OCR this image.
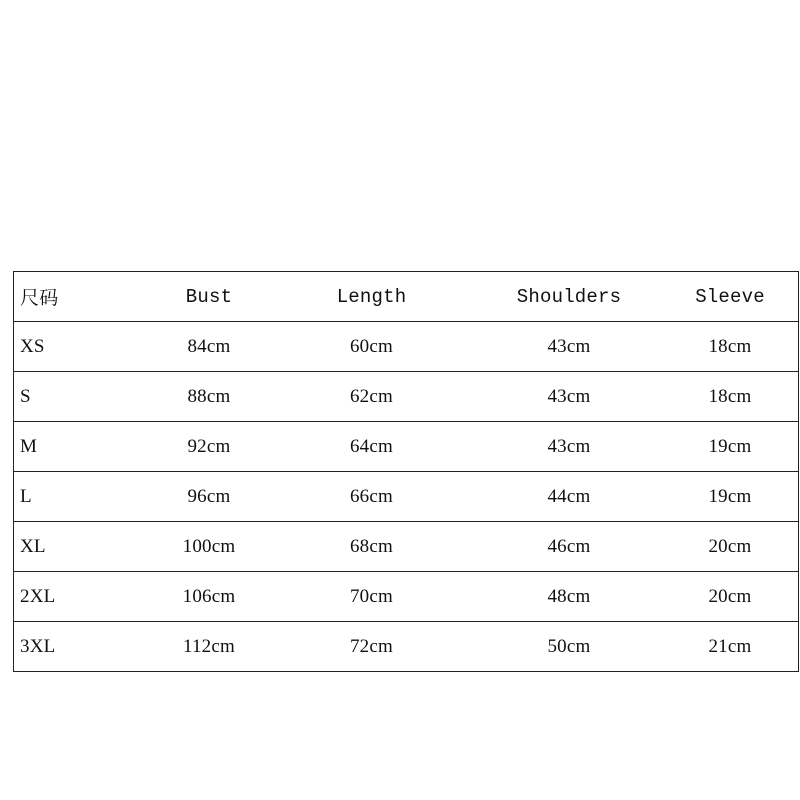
尺码	Bust	Length	Shoulders	Sleeve
XS	84cm	60cm	43cm	18cm
S	88cm	62cm	43cm	18cm
M	92cm	64cm	43cm	19cm
L	96cm	66cm	44cm	19cm
XL	100cm	68cm	46cm	20cm
2XL	106cm	70cm	48cm	20cm
3XL	112cm	72cm	50cm	21cm
